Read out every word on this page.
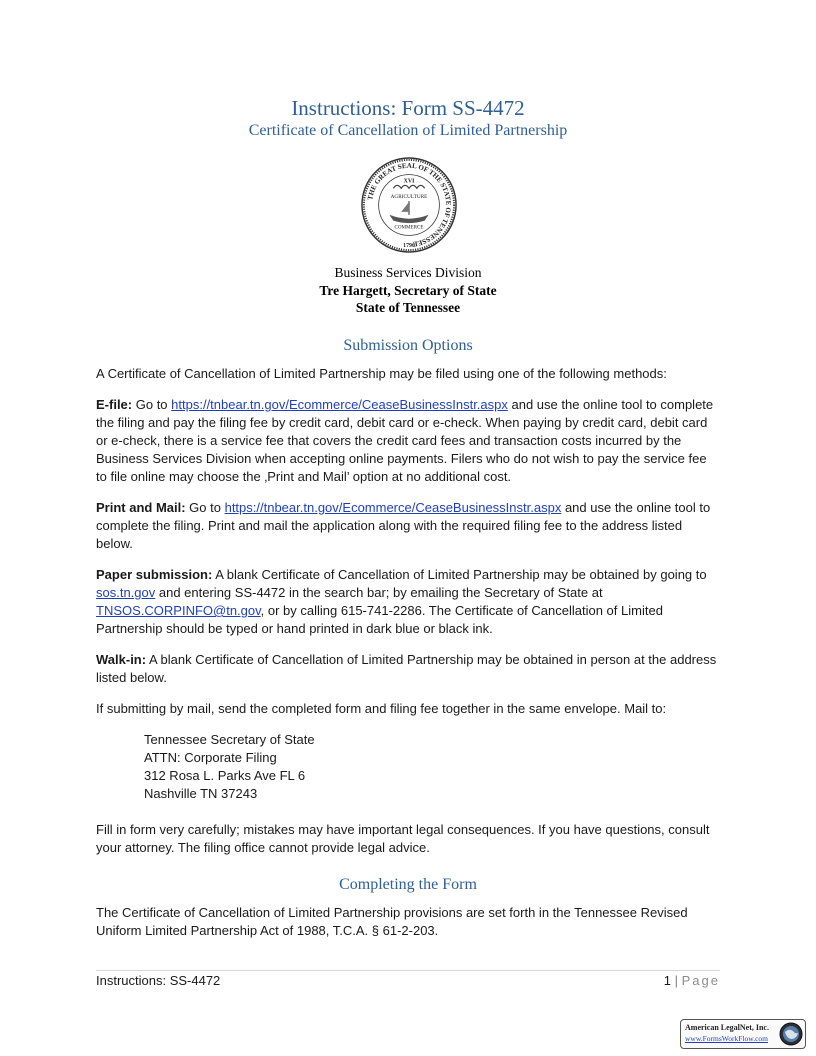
Instructions: Form SS-4472
Certificate of Cancellation of Limited Partnership
THE GREAT SEAL OF THE STATE OF TENNESSEE
XVI
AGRICULTURE
COMMERCE
1796
Business Services Division
Tre Hargett, Secretary of State
State of Tennessee
Submission Options
A Certificate of Cancellation of Limited Partnership may be filed using one of the following methods:

E-file: Go to https://tnbear.tn.gov/Ecommerce/CeaseBusinessInstr.aspx and use the online tool to complete the filing and pay the filing fee by credit card, debit card or e-check. When paying by credit card, debit card or e-check, there is a service fee that covers the credit card fees and transaction costs incurred by the Business Services Division when accepting online payments. Filers who do not wish to pay the service fee to file online may choose the ‚Print and Mail’ option at no additional cost.

Print and Mail: Go to https://tnbear.tn.gov/Ecommerce/CeaseBusinessInstr.aspx and use the online tool to complete the filing. Print and mail the application along with the required filing fee to the address listed below.

Paper submission: A blank Certificate of Cancellation of Limited Partnership may be obtained by going to sos.tn.gov and entering SS-4472 in the search bar; by emailing the Secretary of State at TNSOS.CORPINFO@tn.gov, or by calling 615-741-2286. The Certificate of Cancellation of Limited Partnership should be typed or hand printed in dark blue or black ink.

Walk-in: A blank Certificate of Cancellation of Limited Partnership may be obtained in person at the address listed below.

If submitting by mail, send the completed form and filing fee together in the same envelope. Mail to:
Tennessee Secretary of State
ATTN: Corporate Filing
312 Rosa L. Parks Ave FL 6
Nashville TN 37243
Fill in form very carefully; mistakes may have important legal consequences. If you have questions, consult your attorney. The filing office cannot provide legal advice.
Completing the Form
The Certificate of Cancellation of Limited Partnership provisions are set forth in the Tennessee Revised Uniform Limited Partnership Act of 1988, T.C.A. § 61-2-203.
Instructions: SS-4472	1 | Page
American LegalNet, Inc.
www.FormsWorkFlow.com
